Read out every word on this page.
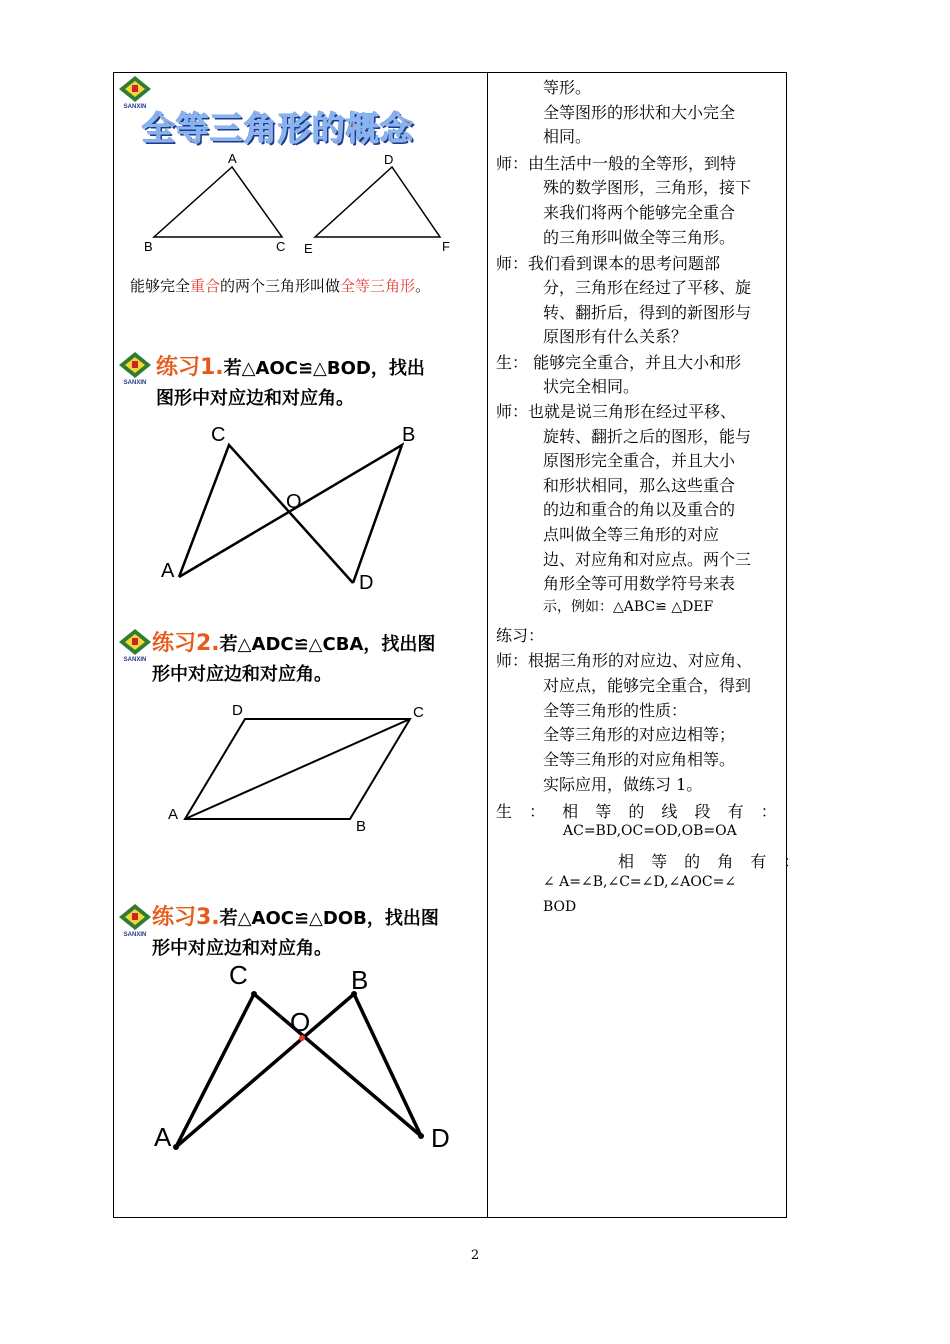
SANXIN
全等三角形的概念
A
B	C
D
E	F
能够完全重合的两个三角形叫做全等三角形。
SANXIN
练习1.若△AOC≌△BOD，找出
图形中对应边和对应角。
C	B
O
A
D
SANXIN
练习2.若△ADC≌△CBA，找出图
形中对应边和对应角。
D	C
A
B
SANXIN
练习3.若△AOC≌△DOB，找出图
形中对应边和对应角。
C	B
O
A	D
等形。
全等图形的形状和大小完全
相同。
师：由生活中一般的全等形，到特
殊的数学图形，三角形，接下
来我们将两个能够完全重合
的三角形叫做全等三角形。
师：我们看到课本的思考问题部
分，三角形在经过了平移、旋
转、翻折后，得到的新图形与
原图形有什么关系？
生： 能够完全重合，并且大小和形
状完全相同。
师：也就是说三角形在经过平移、
旋转、翻折之后的图形，能与
原图形完全重合，并且大小
和形状相同，那么这些重合
的边和重合的角以及重合的
点叫做全等三角形的对应
边、对应角和对应点。两个三
角形全等可用数学符号来表
示，例如：△ABC≌ △DEF
练习：
师：根据三角形的对应边、对应角、
对应点，能够完全重合，得到
全等三角形的性质：
全等三角形的对应边相等；
全等三角形的对应角相等。
实际应用，做练习 1。
生 ： 相 等 的 线 段 有 ：
AC=BD,OC=OD,OB=OA
相 等 的 角 有 ：
∠ A=∠B,∠C=∠D,∠AOC=∠
BOD
2
